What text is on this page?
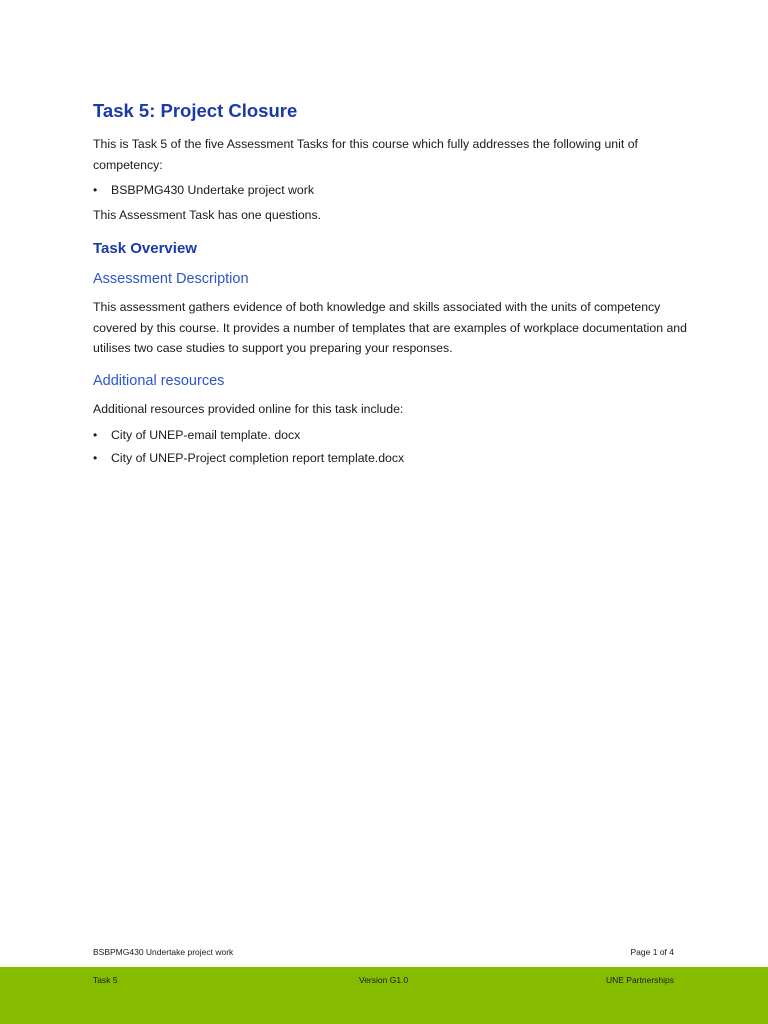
Task 5: Project Closure

This is Task 5 of the five Assessment Tasks for this course which fully addresses the following unit of competency:

• BSBPMG430 Undertake project work

This Assessment Task has one questions.

Task Overview
Assessment Description

This assessment gathers evidence of both knowledge and skills associated with the units of competency covered by this course. It provides a number of templates that are examples of workplace documentation and utilises two case studies to support you preparing your responses.

Additional resources

Additional resources provided online for this task include:

• City of UNEP-email template. docx
• City of UNEP-Project completion report template.docx
BSBPMG430 Undertake project work	Page 1 of 4
Task 5	Version G1.0	UNE Partnerships
